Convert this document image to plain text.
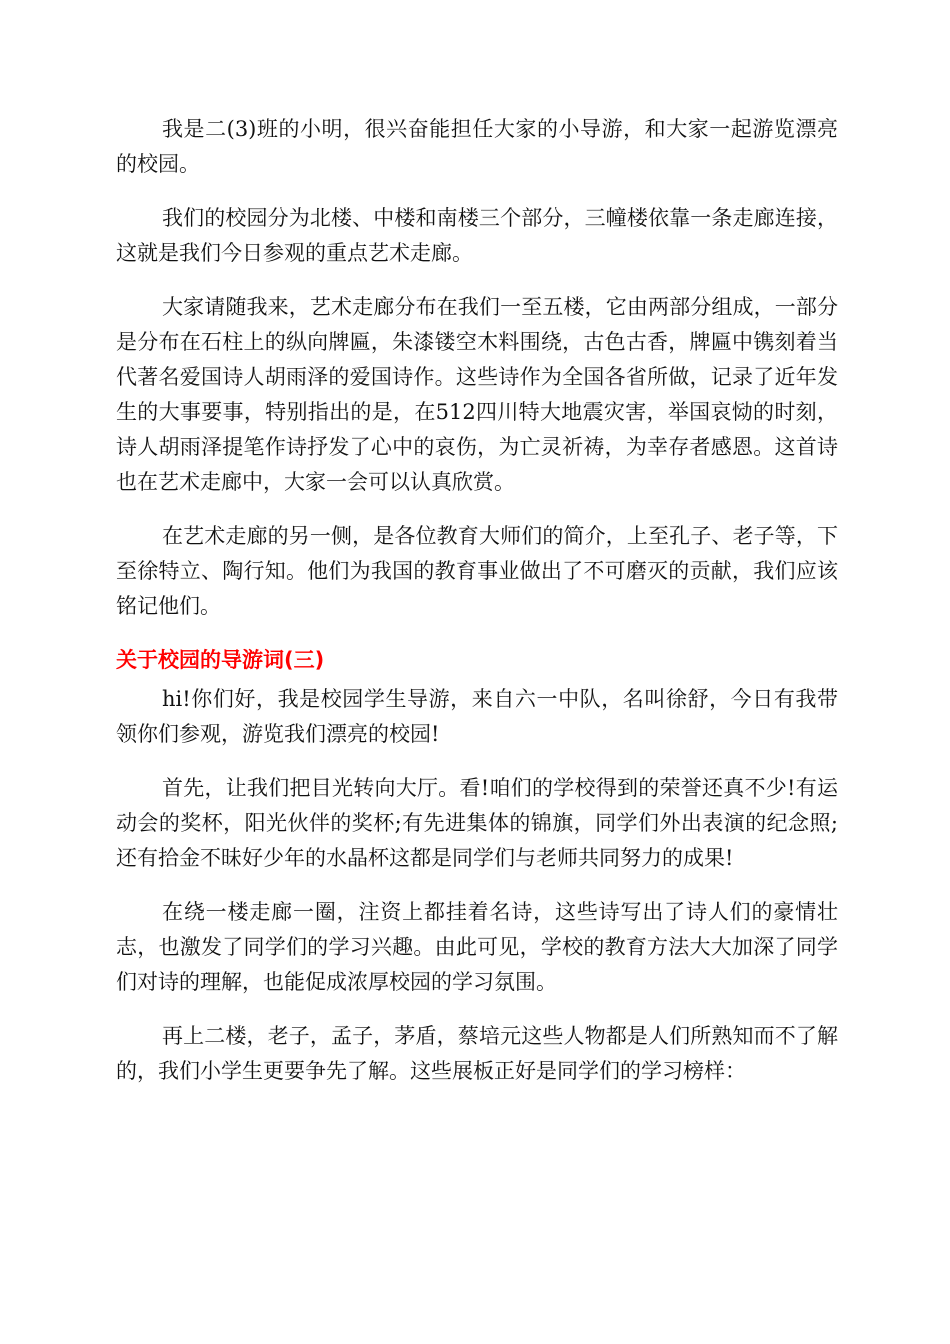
我是二(3)班的小明，很兴奋能担任大家的小导游，和大家一起游览漂亮的校园。

我们的校园分为北楼、中楼和南楼三个部分，三幢楼依靠一条走廊连接，这就是我们今日参观的重点艺术走廊。

大家请随我来，艺术走廊分布在我们一至五楼，它由两部分组成，一部分是分布在石柱上的纵向牌匾，朱漆镂空木料围绕，古色古香，牌匾中镌刻着当代著名爱国诗人胡雨泽的爱国诗作。这些诗作为全国各省所做，记录了近年发生的大事要事，特别指出的是，在512四川特大地震灾害，举国哀恸的时刻，诗人胡雨泽提笔作诗抒发了心中的哀伤，为亡灵祈祷，为幸存者感恩。这首诗也在艺术走廊中，大家一会可以认真欣赏。

在艺术走廊的另一侧，是各位教育大师们的简介，上至孔子、老子等，下至徐特立、陶行知。他们为我国的教育事业做出了不可磨灭的贡献，我们应该铭记他们。

关于校园的导游词(三)

hi!你们好，我是校园学生导游，来自六一中队，名叫徐舒，今日有我带领你们参观，游览我们漂亮的校园!

首先，让我们把目光转向大厅。看!咱们的学校得到的荣誉还真不少!有运动会的奖杯，阳光伙伴的奖杯;有先进集体的锦旗，同学们外出表演的纪念照;还有拾金不昧好少年的水晶杯这都是同学们与老师共同努力的成果!

在绕一楼走廊一圈，注资上都挂着名诗，这些诗写出了诗人们的豪情壮志，也激发了同学们的学习兴趣。由此可见，学校的教育方法大大加深了同学们对诗的理解，也能促成浓厚校园的学习氛围。

再上二楼，老子，孟子，茅盾，蔡培元这些人物都是人们所熟知而不了解的，我们小学生更要争先了解。这些展板正好是同学们的学习榜样：
